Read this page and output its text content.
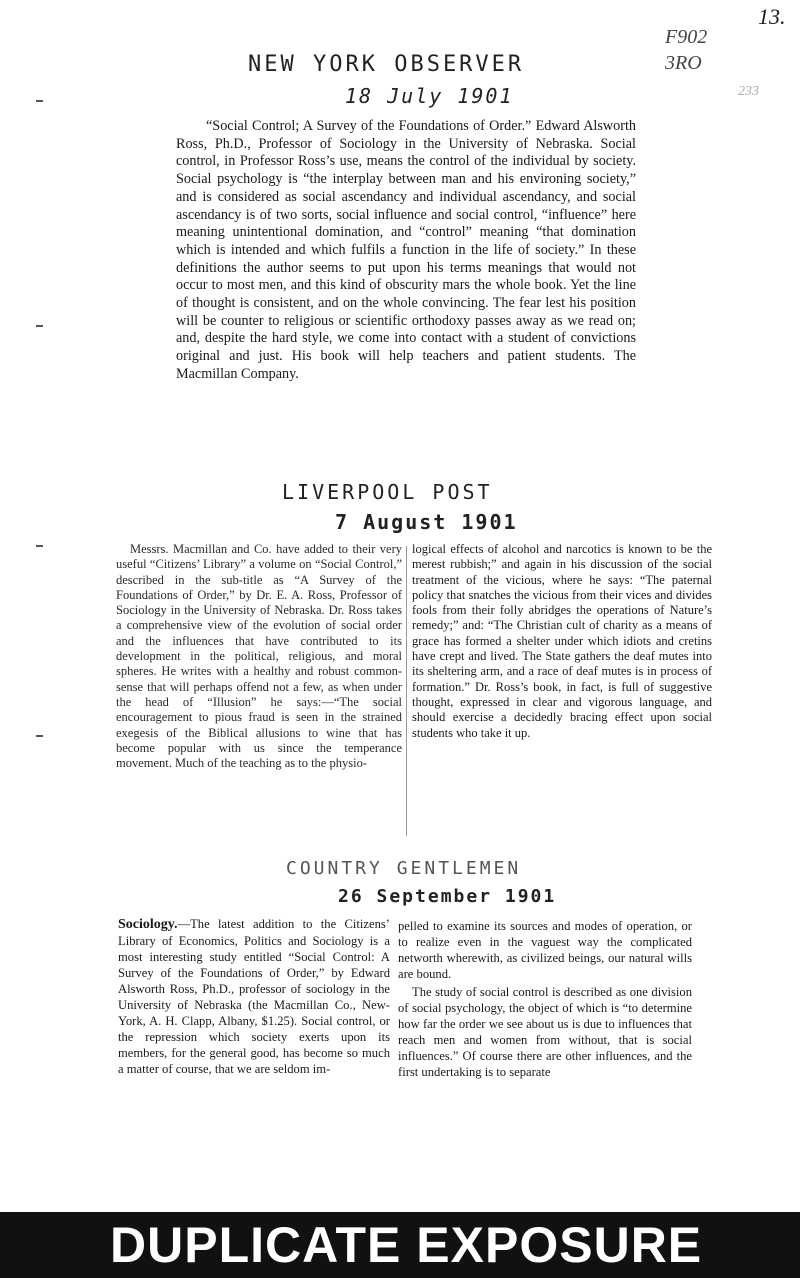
13.
F902 3RO
233
NEW YORK OBSERVER
18 July 1901
“Social Control; A Survey of the Foundations of Order.” Edward Alsworth Ross, Ph.D., Professor of Sociology in the University of Nebraska. Social control, in Professor Ross’s use, means the control of the individual by society. Social psychology is “the interplay between man and his environing society,” and is considered as social ascendancy and individual ascendancy, and social ascendancy is of two sorts, social influence and social control, “influence” here meaning unintentional domination, and “control” meaning “that domination which is intended and which fulfils a function in the life of society.” In these definitions the author seems to put upon his terms meanings that would not occur to most men, and this kind of obscurity mars the whole book. Yet the line of thought is consistent, and on the whole convincing. The fear lest his position will be counter to religious or scientific orthodoxy passes away as we read on; and, despite the hard style, we come into contact with a student of convictions original and just. His book will help teachers and patient students. The Macmillan Company.
LIVERPOOL POST
7 August 1901
Messrs. Macmillan and Co. have added to their very useful “Citizens’ Library” a volume on “Social Control,” described in the sub-title as “A Survey of the Foundations of Order,” by Dr. E. A. Ross, Professor of Sociology in the University of Nebraska. Dr. Ross takes a comprehensive view of the evolution of social order and the influences that have contributed to its development in the political, religious, and moral spheres. He writes with a healthy and robust common-sense that will perhaps offend not a few, as when under the head of “Illusion” he says:—“The social encouragement to pious fraud is seen in the strained exegesis of the Biblical allusions to wine that has become popular with us since the temperance movement. Much of the teaching as to the physio-
logical effects of alcohol and narcotics is known to be the merest rubbish;” and again in his discussion of the social treatment of the vicious, where he says: “The paternal policy that snatches the vicious from their vices and divides fools from their folly abridges the operations of Nature’s remedy;” and: “The Christian cult of charity as a means of grace has formed a shelter under which idiots and cretins have crept and lived. The State gathers the deaf mutes into its sheltering arm, and a race of deaf mutes is in process of formation.” Dr. Ross’s book, in fact, is full of suggestive thought, expressed in clear and vigorous language, and should exercise a decidedly bracing effect upon social students who take it up.
COUNTRY GENTLEMEN
26 September 1901

Sociology.—The latest addition to the Citizens’ Library of Economics, Politics and Sociology is a most interesting study entitled “Social Control: A Survey of the Foundations of Order,” by Edward Alsworth Ross, Ph.D., professor of sociology in the University of Nebraska (the Macmillan Co., New-York, A. H. Clapp, Albany, $1.25). Social control, or the repression which society exerts upon its members, for the general good, has become so much a matter of course, that we are seldom im-

pelled to examine its sources and modes of operation, or to realize even in the vaguest way the complicated networth wherewith, as civilized beings, our natural wills are bound.

The study of social control is described as one division of social psychology, the object of which is “to determine how far the order we see about us is due to influences that reach men and women from without, that is social influences.” Of course there are other influences, and the first undertaking is to separate

DUPLICATE EXPOSURE
